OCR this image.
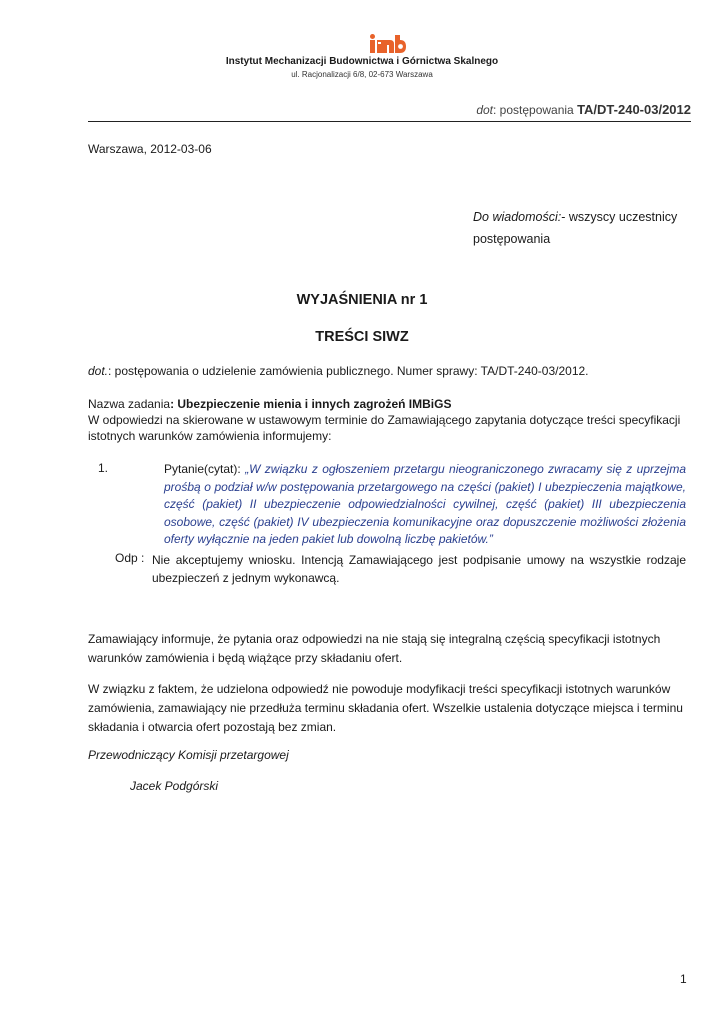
Instytut Mechanizacji Budownictwa i Górnictwa Skalnego
ul. Racjonalizacji 6/8, 02-673 Warszawa
dot: postępowania TA/DT-240-03/2012
Warszawa, 2012-03-06
Do wiadomości:- wszyscy uczestnicy postępowania
WYJAŚNIENIA nr 1
TREŚCI SIWZ
dot.: postępowania o udzielenie zamówienia publicznego. Numer sprawy: TA/DT-240-03/2012.
Nazwa zadania: Ubezpieczenie mienia i innych zagrożeń IMBiGS
W odpowiedzi na skierowane w ustawowym terminie do Zamawiającego zapytania dotyczące treści specyfikacji istotnych warunków zamówienia informujemy:
1.	Pytanie(cytat): „W związku z ogłoszeniem przetargu nieograniczonego zwracamy się z uprzejma prośbą o podział w/w postępowania przetargowego na części (pakiet) I ubezpieczenia majątkowe, część (pakiet) II ubezpieczenie odpowiedzialności cywilnej, część (pakiet) III ubezpieczenia osobowe, część (pakiet) IV ubezpieczenia komunikacyjne oraz dopuszczenie możliwości złożenia oferty wyłącznie na jeden pakiet lub dowolną liczbę pakietów.”
Odp : Nie akceptujemy wniosku. Intencją Zamawiającego jest podpisanie umowy na wszystkie rodzaje ubezpieczeń z jednym wykonawcą.
Zamawiający informuje, że pytania oraz odpowiedzi na nie stają się integralną częścią specyfikacji istotnych warunków zamówienia i będą wiążące przy składaniu ofert.
W związku z faktem, że udzielona odpowiedź nie powoduje modyfikacji treści specyfikacji istotnych warunków zamówienia, zamawiający nie przedłuża terminu składania ofert. Wszelkie ustalenia dotyczące miejsca i terminu składania i otwarcia ofert pozostają bez zmian.
Przewodniczący Komisji przetargowej
Jacek Podgórski
1
